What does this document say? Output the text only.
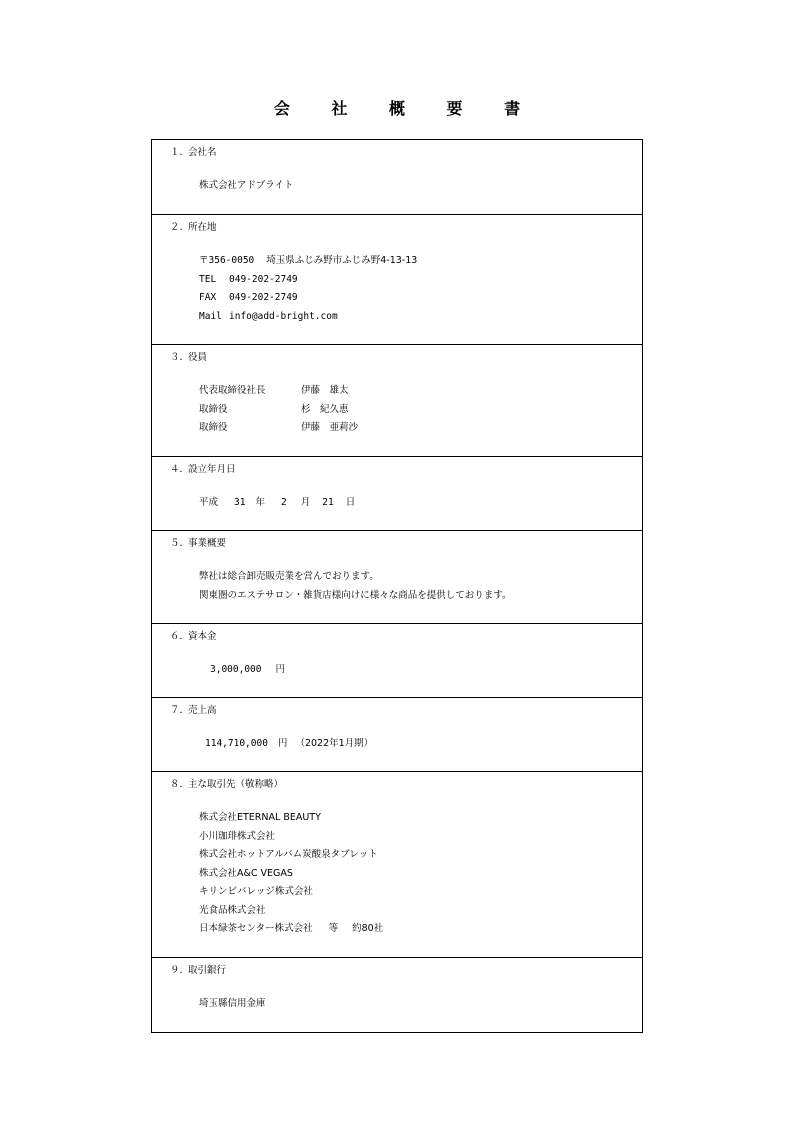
会 社 概 要 書
１．会社名
株式会社アドブライト
２．所在地
〒356-0050 埼玉県ふじみ野市ふじみ野4-13-13
TEL 049-202-2749
FAX 049-202-2749
Mail info@add-bright.com
３．役員
代表取締役社長	伊藤　雄太
取締役	杉　紀久恵
取締役	伊藤　亜莉沙
４．設立年月日
平成 31 年 2 月 21 日
５．事業概要
弊社は総合卸売販売業を営んでおります。
関東圏のエステサロン・雑貨店様向けに様々な商品を提供しております。
６．資本金
3,000,000 円
７．売上高
114,710,000 円 （2022年1月期）
８．主な取引先（敬称略）
株式会社ETERNAL BEAUTY
小川珈琲株式会社
株式会社ホットアルバム炭酸泉タブレット
株式会社A&C VEGAS
キリンビバレッジ株式会社
光食品株式会社
日本緑茶センター株式会社 等 約80社
９．取引銀行
埼玉縣信用金庫
